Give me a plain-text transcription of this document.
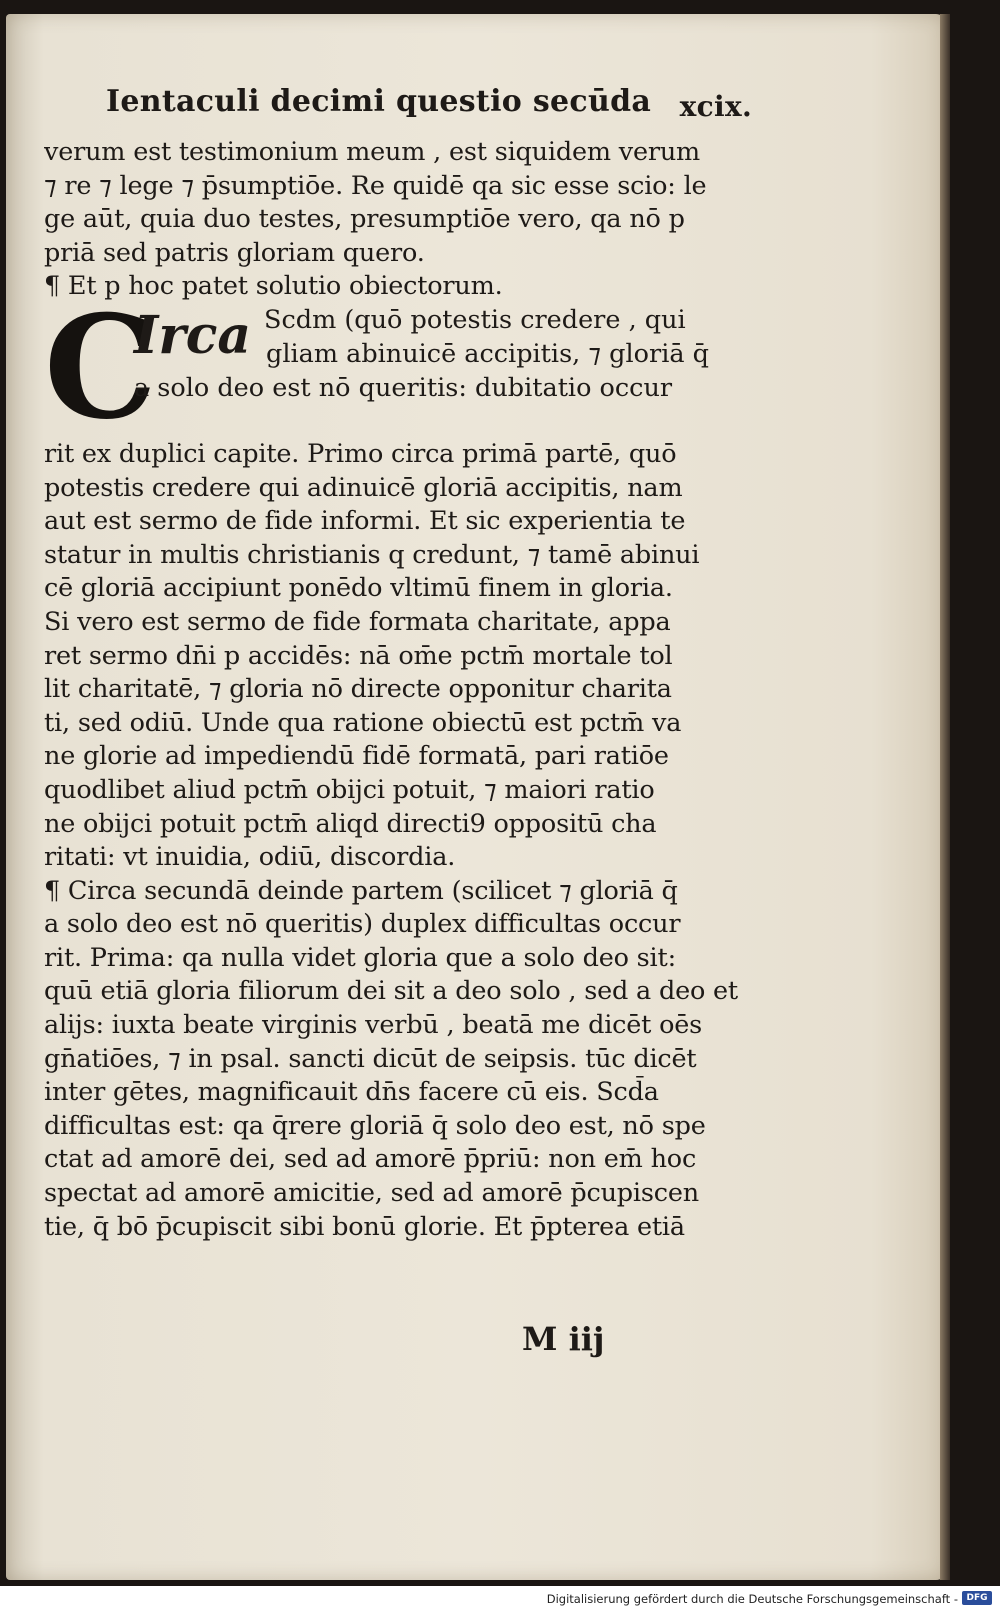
Ientaculi decimi questio secūda xcix.
verum est testimonium meum , est siquidem verum
⁊ re ⁊ lege ⁊ p̄sumptiōe. Re quidē qa sic esse scio: le
ge aūt, quia duo testes, presumptiōe vero, qa nō p
priā sed patris gloriam quero.
¶ Et p hoc patet solutio obiectorum.
C
Irca Scdm (quō potestis credere , qui
gliam abinuicē accipitis, ⁊ gloriā q̄
a solo deo est nō queritis: dubitatio occur
rit ex duplici capite. Primo circa primā partē, quō
potestis credere qui adinuicē gloriā accipitis, nam
aut est sermo de fide informi. Et sic experientia te
statur in multis christianis q credunt, ⁊ tamē abinui
cē gloriā accipiunt ponēdo vltimū finem in gloria.
Si vero est sermo de fide formata charitate, appa
ret sermo dn̄i p accidēs: nā om̄e pctm̄ mortale tol
lit charitatē, ⁊ gloria nō directe opponitur charita
ti, sed odiū. Unde qua ratione obiectū est pctm̄ va
ne glorie ad impediendū fidē formatā, pari ratiōe
quodlibet aliud pctm̄ obijci potuit, ⁊ maiori ratio
ne obijci potuit pctm̄ aliqd directi9 oppositū cha
ritati: vt inuidia, odiū, discordia.
¶ Circa secundā deinde partem (scilicet ⁊ gloriā q̄
a solo deo est nō queritis) duplex difficultas occur
rit. Prima: qa nulla videt gloria que a solo deo sit:
quū etiā gloria filiorum dei sit a deo solo , sed a deo et
alijs: iuxta beate virginis verbū , beatā me dicēt oēs
gn̄atiōes, ⁊ in psal. sancti dicūt de seipsis. tūc dicēt
inter gētes, magnificauit dn̄s facere cū eis. Scd̄a
difficultas est: qa q̄rere gloriā q̄ solo deo est, nō spe
ctat ad amorē dei, sed ad amorē p̄priū: non em̄ hoc
spectat ad amorē amicitie, sed ad amorē p̄cupiscen
tie, q̄ bō p̄cupiscit sibi bonū glorie. Et p̄pterea etiā
M iij
Digitalisierung gefördert durch die Deutsche Forschungsgemeinschaft - DFG
